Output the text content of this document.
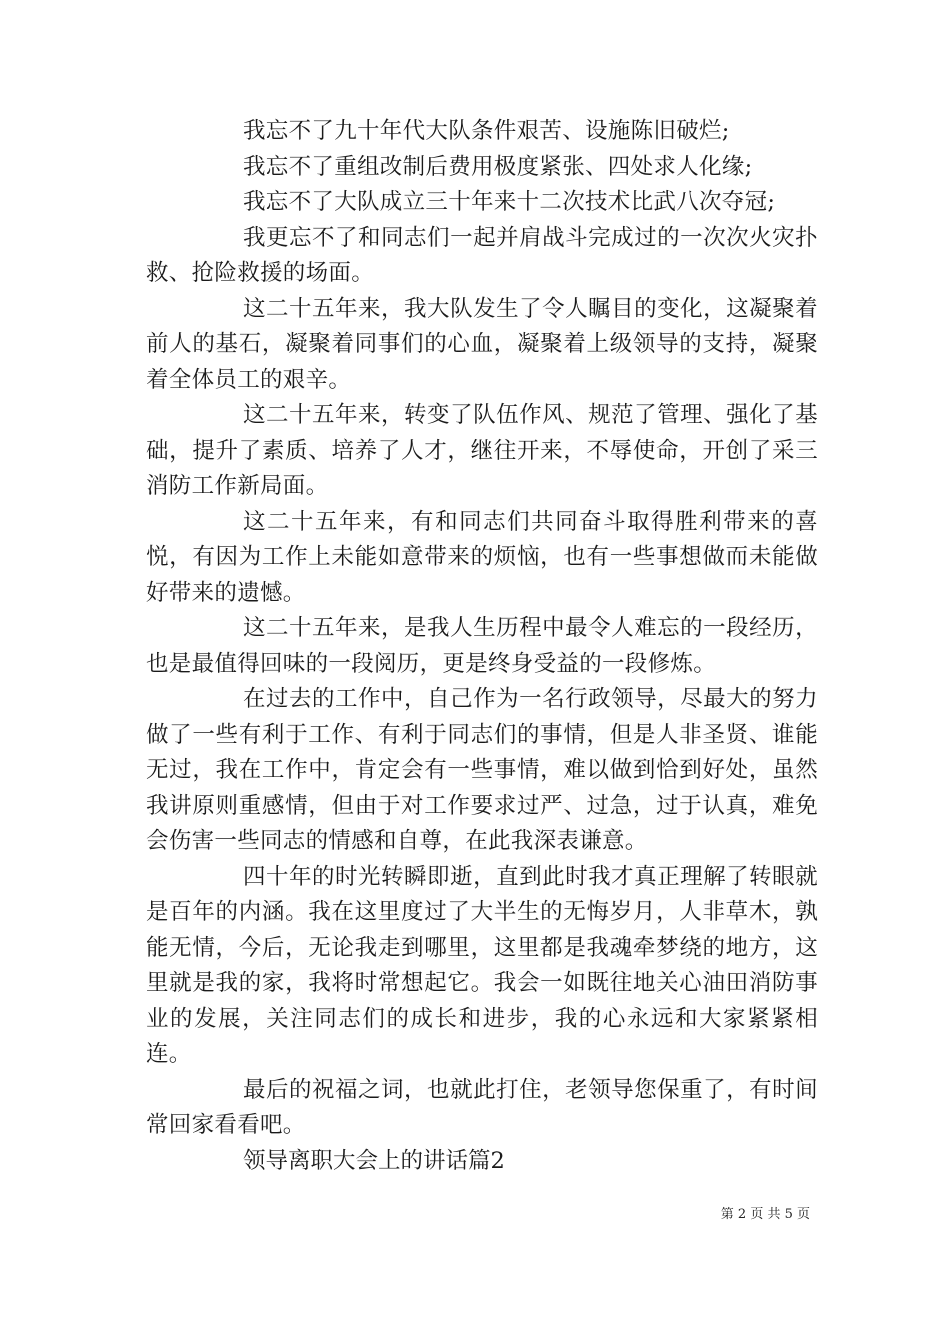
我忘不了九十年代大队条件艰苦、设施陈旧破烂;

我忘不了重组改制后费用极度紧张、四处求人化缘;

我忘不了大队成立三十年来十二次技术比武八次夺冠;

我更忘不了和同志们一起并肩战斗完成过的一次次火灾扑救、抢险救援的场面。

这二十五年来，我大队发生了令人瞩目的变化，这凝聚着前人的基石，凝聚着同事们的心血，凝聚着上级领导的支持，凝聚着全体员工的艰辛。

这二十五年来，转变了队伍作风、规范了管理、强化了基础，提升了素质、培养了人才，继往开来，不辱使命，开创了采三消防工作新局面。

这二十五年来，有和同志们共同奋斗取得胜利带来的喜悦，有因为工作上未能如意带来的烦恼，也有一些事想做而未能做好带来的遗憾。

这二十五年来，是我人生历程中最令人难忘的一段经历，也是最值得回味的一段阅历，更是终身受益的一段修炼。

在过去的工作中，自己作为一名行政领导，尽最大的努力做了一些有利于工作、有利于同志们的事情，但是人非圣贤、谁能无过，我在工作中，肯定会有一些事情，难以做到恰到好处，虽然我讲原则重感情，但由于对工作要求过严、过急，过于认真，难免会伤害一些同志的情感和自尊，在此我深表谦意。

四十年的时光转瞬即逝，直到此时我才真正理解了转眼就是百年的内涵。我在这里度过了大半生的无悔岁月，人非草木，孰能无情，今后，无论我走到哪里，这里都是我魂牵梦绕的地方，这里就是我的家，我将时常想起它。我会一如既往地关心油田消防事业的发展，关注同志们的成长和进步，我的心永远和大家紧紧相连。

最后的祝福之词，也就此打住，老领导您保重了，有时间常回家看看吧。

领导离职大会上的讲话篇2

第 2 页 共 5 页
